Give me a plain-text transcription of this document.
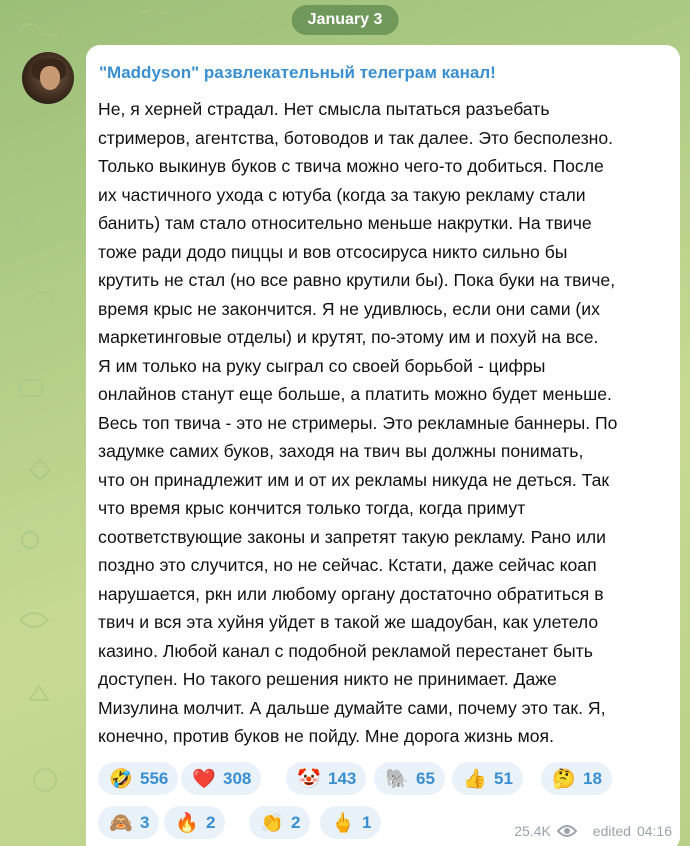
January 3
"Maddyson" развлекательный телеграм канал!
Не, я херней страдал. Нет смысла пытаться разъебать
стримеров, агентства, ботоводов и так далее. Это бесполезно.
Только выкинув буков с твича можно чего-то добиться. После
их частичного ухода с ютуба (когда за такую рекламу стали
банить) там стало относительно меньше накрутки. На твиче
тоже ради додо пиццы и вов отсосируса никто сильно бы
крутить не стал (но все равно крутили бы). Пока буки на твиче,
время крыс не закончится. Я не удивлюсь, если они сами (их
маркетинговые отделы) и крутят, по-этому им и похуй на все.
Я им только на руку сыграл со своей борьбой - цифры
онлайнов станут еще больше, а платить можно будет меньше.
Весь топ твича - это не стримеры. Это рекламные баннеры. По
задумке самих буков, заходя на твич вы должны понимать,
что он принадлежит им и от их рекламы никуда не деться. Так
что время крыс кончится только тогда, когда примут
соответствующие законы и запретят такую рекламу. Рано или
поздно это случится, но не сейчас. Кстати, даже сейчас коап
нарушается, ркн или любому органу достаточно обратиться в
твич и вся эта хуйня уйдет в такой же шадоубан, как улетело
казино. Любой канал с подобной рекламой перестанет быть
доступен. Но такого решения никто не принимает. Даже
Мизулина молчит. А дальше думайте сами, почему это так. Я,
конечно, против буков не пойду. Мне дорога жизнь моя.
🤣 556 ❤️ 308 🤡 143 🐘 65 👍 51 🤔 18
🙈 3 🔥 2 👏 2 🖕 1	25.4K	edited 04:16
